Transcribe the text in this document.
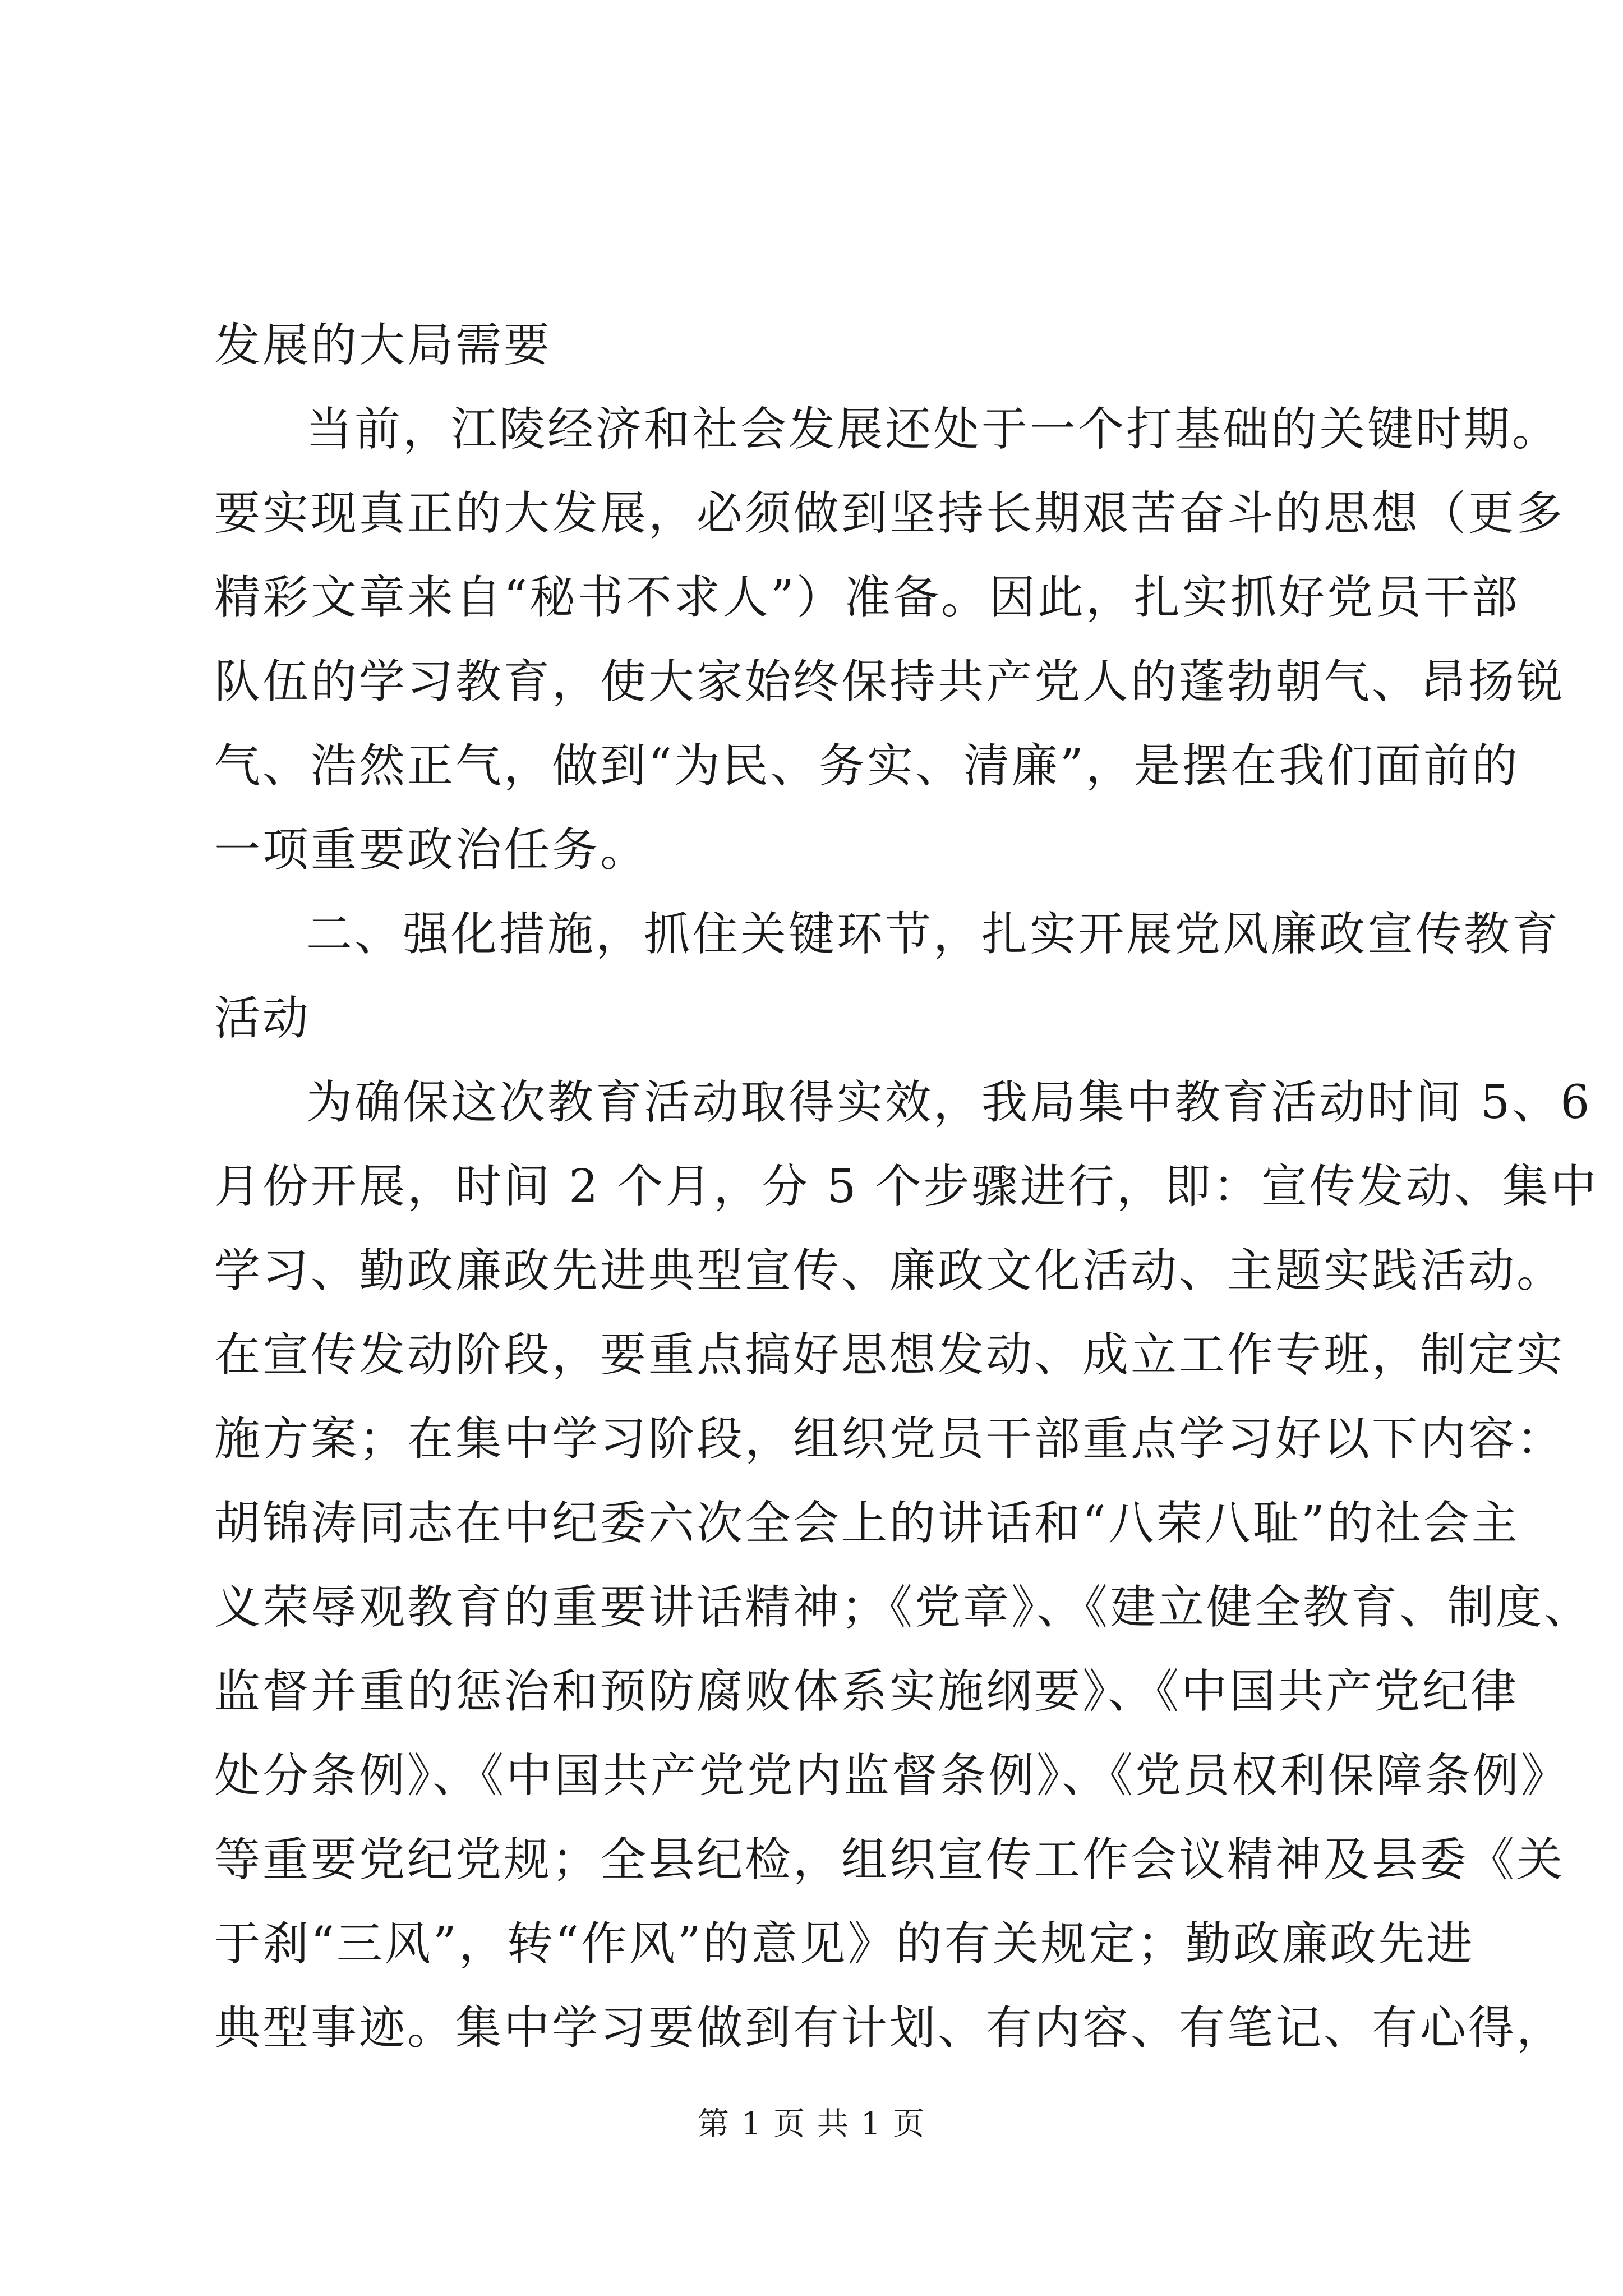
发展的大局需要
当前，江陵经济和社会发展还处于一个打基础的关键时期。
要实现真正的大发展，必须做到坚持长期艰苦奋斗的思想（更多
精彩文章来自“秘书不求人”）准备。因此，扎实抓好党员干部
队伍的学习教育，使大家始终保持共产党人的蓬勃朝气、昂扬锐
气、浩然正气，做到“为民、务实、清廉”，是摆在我们面前的
一项重要政治任务。
二、强化措施，抓住关键环节，扎实开展党风廉政宣传教育
活动
为确保这次教育活动取得实效，我局集中教育活动时间 5、6
月份开展，时间 2 个月，分 5 个步骤进行，即：宣传发动、集中
学习、勤政廉政先进典型宣传、廉政文化活动、主题实践活动。
在宣传发动阶段，要重点搞好思想发动、成立工作专班，制定实
施方案；在集中学习阶段，组织党员干部重点学习好以下内容：
胡锦涛同志在中纪委六次全会上的讲话和“八荣八耻”的社会主
义荣辱观教育的重要讲话精神；《党章》、《建立健全教育、制度、
监督并重的惩治和预防腐败体系实施纲要》、《中国共产党纪律
处分条例》、《中国共产党党内监督条例》、《党员权利保障条例》
等重要党纪党规；全县纪检，组织宣传工作会议精神及县委《关
于刹“三风”，转“作风”的意见》的有关规定；勤政廉政先进
典型事迹。集中学习要做到有计划、有内容、有笔记、有心得，
第 1 页 共 1 页
